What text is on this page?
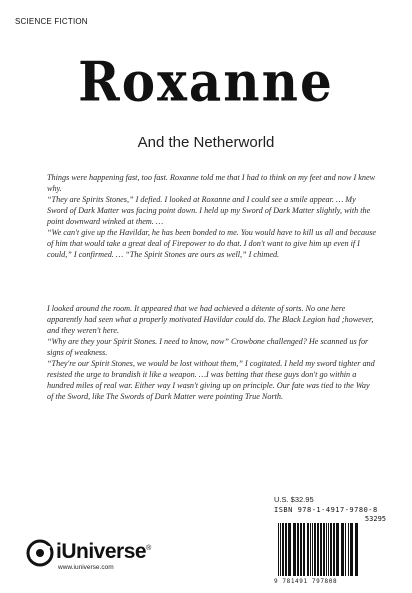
SCIENCE FICTION
Roxanne
And the Netherworld

Things were happening fast, too fast. Roxanne told me that I had to think on my feet and now I knew why.

“They are Spirits Stones,” I defied. I looked at Roxanne and I could see a smile appear. … My Sword of Dark Matter was facing point down. I held up my Sword of Dark Matter slightly, with the point downward winked at them. …

“We can't give up the Havildar, he has been bonded to me. You would have to kill us all and because of him that would take a great deal of Firepower to do that. I don't want to give him up even if I could,” I confirmed. … “The Spirit Stones are ours as well,” I chimed.

I looked around the room. It appeared that we had achieved a détente of sorts. No one here apparently had seen what a properly motivated Havildar could do. The Black Legion had ;however, and they weren't here.

“Why are they your Spirit Stones. I need to know, now” Crowbone challenged? He scanned us for signs of weakness.

“They're our Spirit Stones, we would be lost without them,” I cogitated. I held my sword tighter and resisted the urge to brandish it like a weapon. …I was betting that these guys don't go within a hundred miles of real war. Either way I wasn't giving up on principle. Our fate was tied to the Way of the Sword, like The Swords of Dark Matter were pointing True North.

U.S. $32.95
ISBN 978-1-4917-9780-8
53295
9 781491 797808
iUniverse®
www.iuniverse.com
